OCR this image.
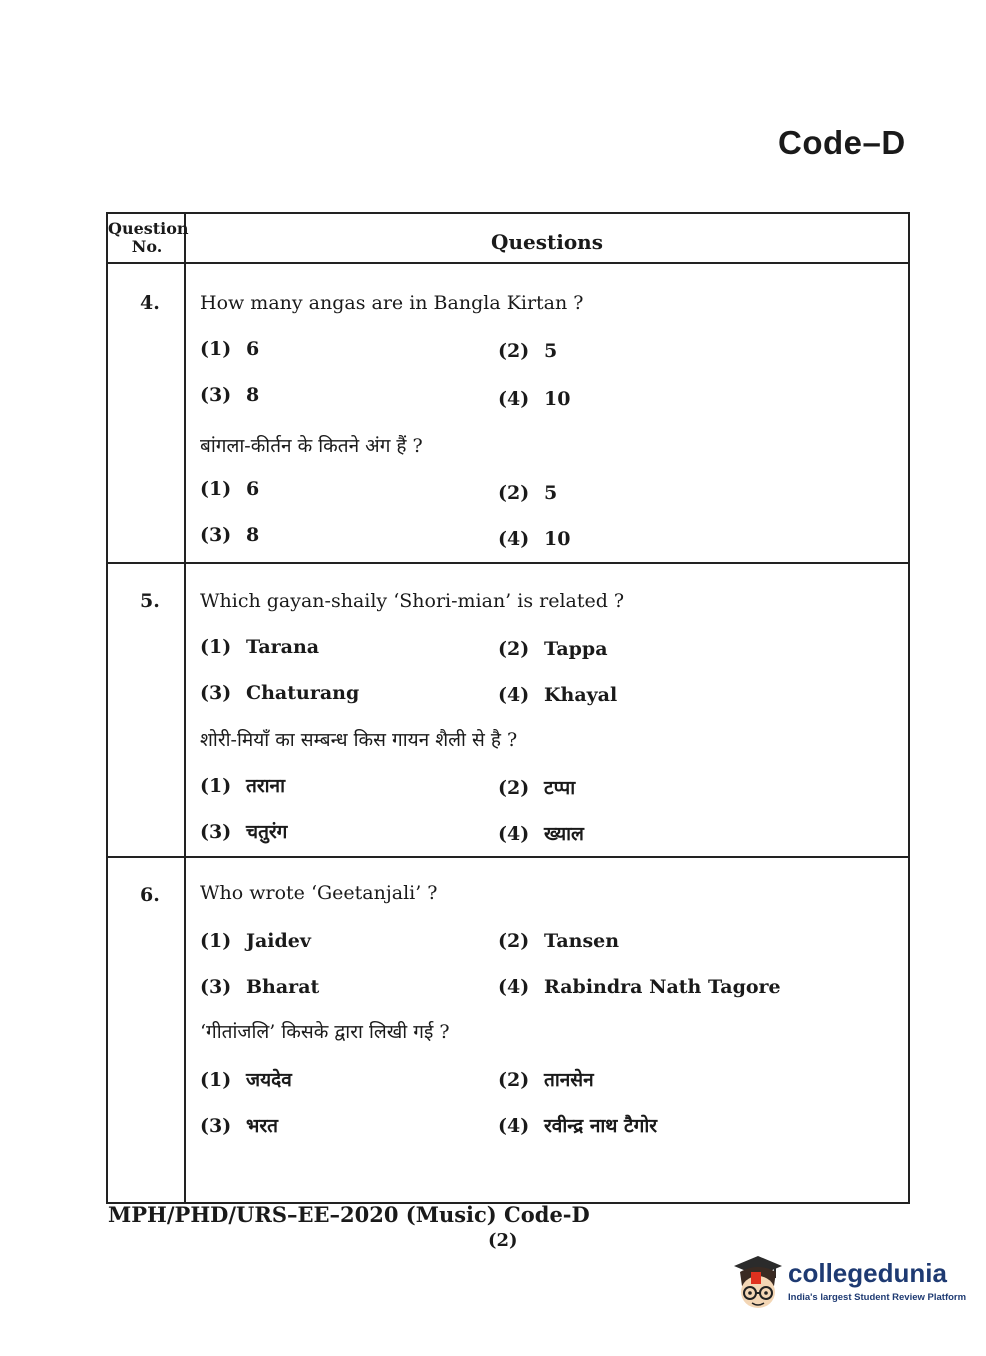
Code–D
Question
No.	Questions
4. How many angas are in Bangla Kirtan ?
(1) 6	(2) 5
(3) 8	(4) 10
बांगला-कीर्तन के कितने अंग हैं ?
(1) 6	(2) 5
(3) 8	(4) 10
5. Which gayan-shaily ‘Shori-mian’ is related ?
(1) Tarana	(2) Tappa
(3) Chaturang	(4) Khayal
शोरी-मियाँ का सम्बन्ध किस गायन शैली से है ?
(1) तराना	(2) टप्पा
(3) चतुरंग	(4) ख्याल
6. Who wrote ‘Geetanjali’ ?
(1) Jaidev	(2) Tansen
(3) Bharat	(4) Rabindra Nath Tagore
‘गीतांजलि’ किसके द्वारा लिखी गई ?
(1) जयदेव	(2) तानसेन
(3) भरत	(4) रवीन्द्र नाथ टैगोर
MPH/PHD/URS–EE–2020 (Music) Code-D
(2)
collegedunia
India's largest Student Review Platform
